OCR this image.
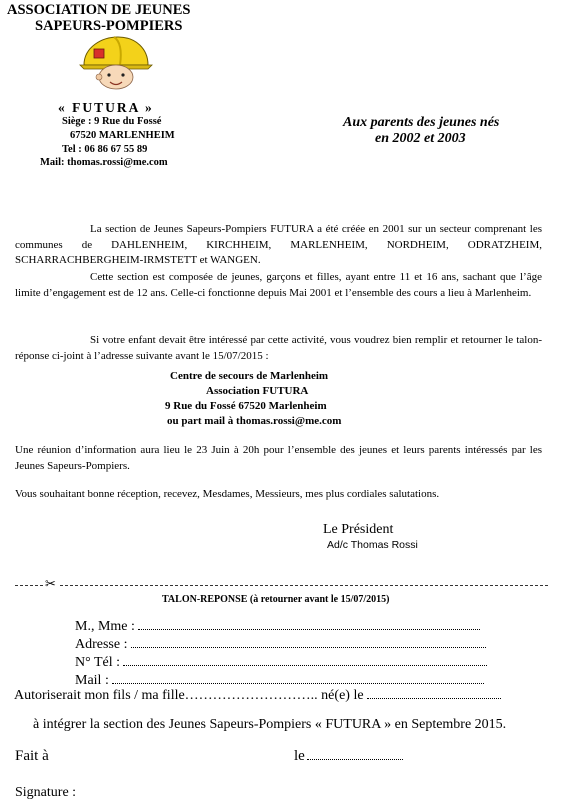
ASSOCIATION DE JEUNES
SAPEURS-POMPIERS
« FUTURA »
Siège : 9 Rue du Fossé
67520 MARLENHEIM
Tel : 06 86 67 55 89
Mail: thomas.rossi@me.com
Aux parents des jeunes nés
en 2002 et 2003
La section de Jeunes Sapeurs-Pompiers FUTURA a été créée en 2001 sur un secteur comprenant les communes de DAHLENHEIM, KIRCHHEIM, MARLENHEIM, NORDHEIM, ODRATZHEIM, SCHARRACHBERGHEIM-IRMSTETT et WANGEN.
Cette section est composée de jeunes, garçons et filles, ayant entre 11 et 16 ans, sachant que l’âge limite d’engagement est de 12 ans. Celle-ci fonctionne depuis Mai 2001 et l’ensemble des cours a lieu à Marlenheim.
Si votre enfant devait être intéressé par cette activité, vous voudrez bien remplir et retourner le talon-réponse ci-joint à l’adresse suivante avant le 15/07/2015 :
Centre de secours de Marlenheim
Association FUTURA
9 Rue du Fossé 67520 Marlenheim
ou part mail à thomas.rossi@me.com
Une réunion d’information aura lieu le 23 Juin à 20h pour l’ensemble des jeunes et leurs parents intéressés par les Jeunes Sapeurs-Pompiers.
Vous souhaitant bonne réception, recevez, Mesdames, Messieurs, mes plus cordiales salutations.
Le Président
Ad/c Thomas Rossi
✂
TALON-REPONSE (à retourner avant le 15/07/2015)
M., Mme :
Adresse :
N° Tél :
Mail :
Autoriserait mon fils / ma fille……………………….. né(e) le
à intégrer la section des Jeunes Sapeurs-Pompiers « FUTURA » en Septembre 2015.
Fait à	le
Signature :
